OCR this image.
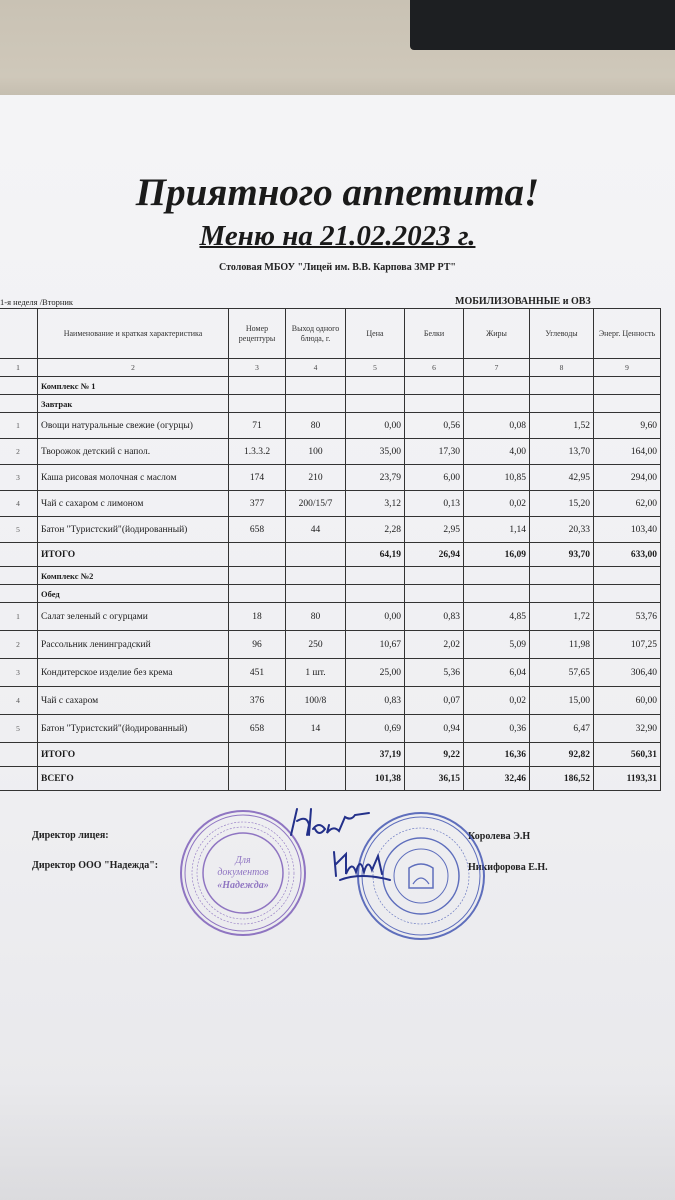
Приятного аппетита!
Меню на 21.02.2023 г.
Столовая МБОУ "Лицей им. В.В. Карпова ЗМР РТ"
1-я неделя /Вторник	МОБИЛИЗОВАННЫЕ и ОВЗ
	Наименование и краткая характеристика	Номер рецептуры	Выход одного блюда, г.	Цена	Белки	Жиры	Углеводы	Энерг. Ценность
1	2	3	4	5	6	7	8	9
	Комплекс № 1							
	Завтрак							
1	Овощи натуральные свежие (огурцы)	71	80	0,00	0,56	0,08	1,52	9,60
2	Творожок детский с напол.	1.3.3.2	100	35,00	17,30	4,00	13,70	164,00
3	Каша рисовая молочная с маслом	174	210	23,79	6,00	10,85	42,95	294,00
4	Чай с сахаром с лимоном	377	200/15/7	3,12	0,13	0,02	15,20	62,00
5	Батон "Туристский"(йодированный)	658	44	2,28	2,95	1,14	20,33	103,40
	ИТОГО			64,19	26,94	16,09	93,70	633,00
	Комплекс №2							
	Обед							
1	Салат зеленый с огурцами	18	80	0,00	0,83	4,85	1,72	53,76
2	Рассольник ленинградский	96	250	10,67	2,02	5,09	11,98	107,25
3	Кондитерское изделие без крема	451	1 шт.	25,00	5,36	6,04	57,65	306,40
4	Чай с сахаром	376	100/8	0,83	0,07	0,02	15,00	60,00
5	Батон "Туристский"(йодированный)	658	14	0,69	0,94	0,36	6,47	32,90
	ИТОГО			37,19	9,22	16,36	92,82	560,31
	ВСЕГО			101,38	36,15	32,46	186,52	1193,31
Директор лицея:	Королева Э.Н
Директор ООО "Надежда":	Никифорова Е.Н.
Для
документов
«Надежда»
